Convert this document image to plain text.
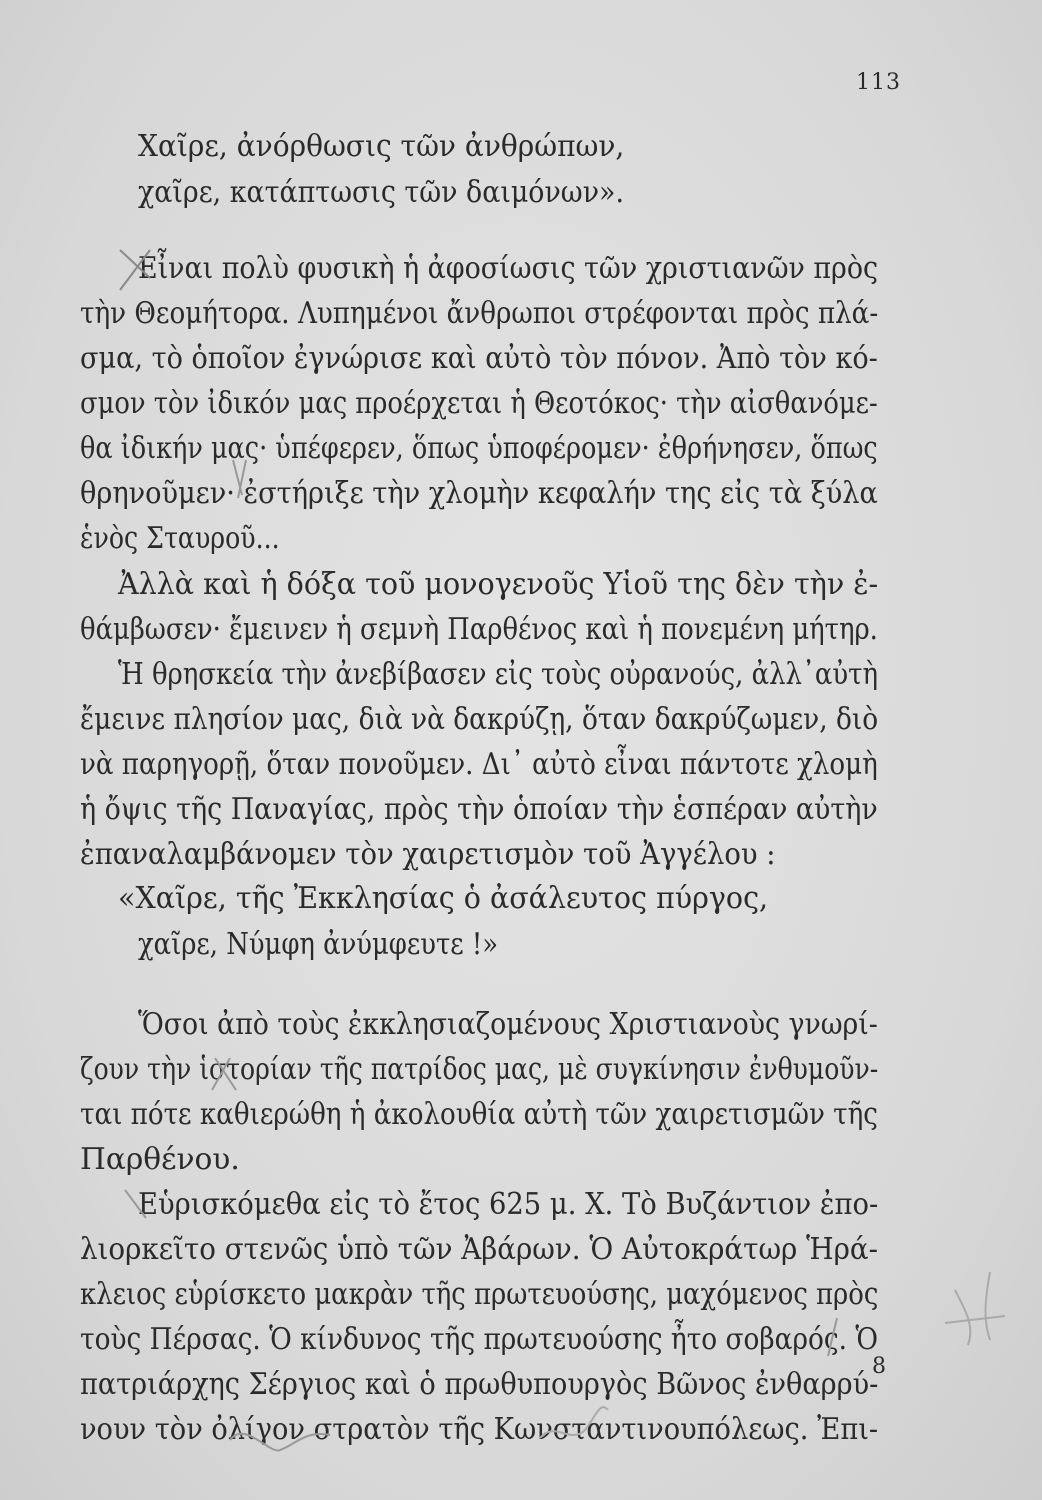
113
Χαῖρε, ἀνόρθωσις τῶν ἀνθρώπων,
χαῖρε, κατάπτωσις τῶν δαιμόνων».
Εἶναι πολὺ φυσικὴ ἡ ἀφοσίωσις τῶν χριστιανῶν πρὸς
τὴν Θεομήτορα. Λυπημένοι ἄνθρωποι στρέφονται πρὸς πλά-
σμα, τὸ ὁποῖον ἐγνώρισε καὶ αὐτὸ τὸν πόνον. Ἀπὸ τὸν κό-
σμον τὸν ἰδικόν μας προέρχεται ἡ Θεοτόκος· τὴν αἰσθανόμε-
θα ἰδικήν μας· ὑπέφερεν, ὅπως ὑποφέρομεν· ἐθρήνησεν, ὅπως
θρηνοῦμεν· ἐστήριξε τὴν χλομὴν κεφαλήν της εἰς τὰ ξύλα
ἑνὸς Σταυροῦ...
Ἀλλὰ καὶ ἡ δόξα τοῦ μονογενοῦς Υἱοῦ της δὲν τὴν ἐ-
θάμβωσεν· ἔμεινεν ἡ σεμνὴ Παρθένος καὶ ἡ πονεμένη μήτηρ.
Ἡ θρησκεία τὴν ἀνεβίβασεν εἰς τοὺς οὐρανούς, ἀλλ᾽αὐτὴ
ἔμεινε πλησίον μας, διὰ νὰ δακρύζῃ, ὅταν δακρύζωμεν, διὸ
νὰ παρηγορῇ, ὅταν πονοῦμεν. Δι᾽ αὐτὸ εἶναι πάντοτε χλομὴ
ἡ ὄψις τῆς Παναγίας, πρὸς τὴν ὁποίαν τὴν ἑσπέραν αὐτὴν
ἐπαναλαμβάνομεν τὸν χαιρετισμὸν τοῦ Ἀγγέλου :
«Χαῖρε, τῆς Ἐκκλησίας ὁ ἀσάλευτος πύργος,
χαῖρε, Νύμφη ἀνύμφευτε !»
Ὅσοι ἀπὸ τοὺς ἐκκλησιαζομένους Χριστιανοὺς γνωρί-
ζουν τὴν ἱστορίαν τῆς πατρίδος μας, μὲ συγκίνησιν ἐνθυμοῦν-
ται πότε καθιερώθη ἡ ἀκολουθία αὐτὴ τῶν χαιρετισμῶν τῆς
Παρθένου.
Εὑρισκόμεθα εἰς τὸ ἔτος 625 μ. Χ. Τὸ Βυζάντιον ἐπο-
λιορκεῖτο στενῶς ὑπὸ τῶν Ἀβάρων. Ὁ Αὐτοκράτωρ Ἡρά-
κλειος εὑρίσκετο μακρὰν τῆς πρωτευούσης, μαχόμενος πρὸς
τοὺς Πέρσας. Ὁ κίνδυνος τῆς πρωτευούσης ἦτο σοβαρός. Ὁ
πατριάρχης Σέργιος καὶ ὁ πρωθυπουργὸς Βῶνος ἐνθαρρύ-
νουν τὸν ὀλίγον στρατὸν τῆς Κωνσταντινουπόλεως. Ἐπι-
8
